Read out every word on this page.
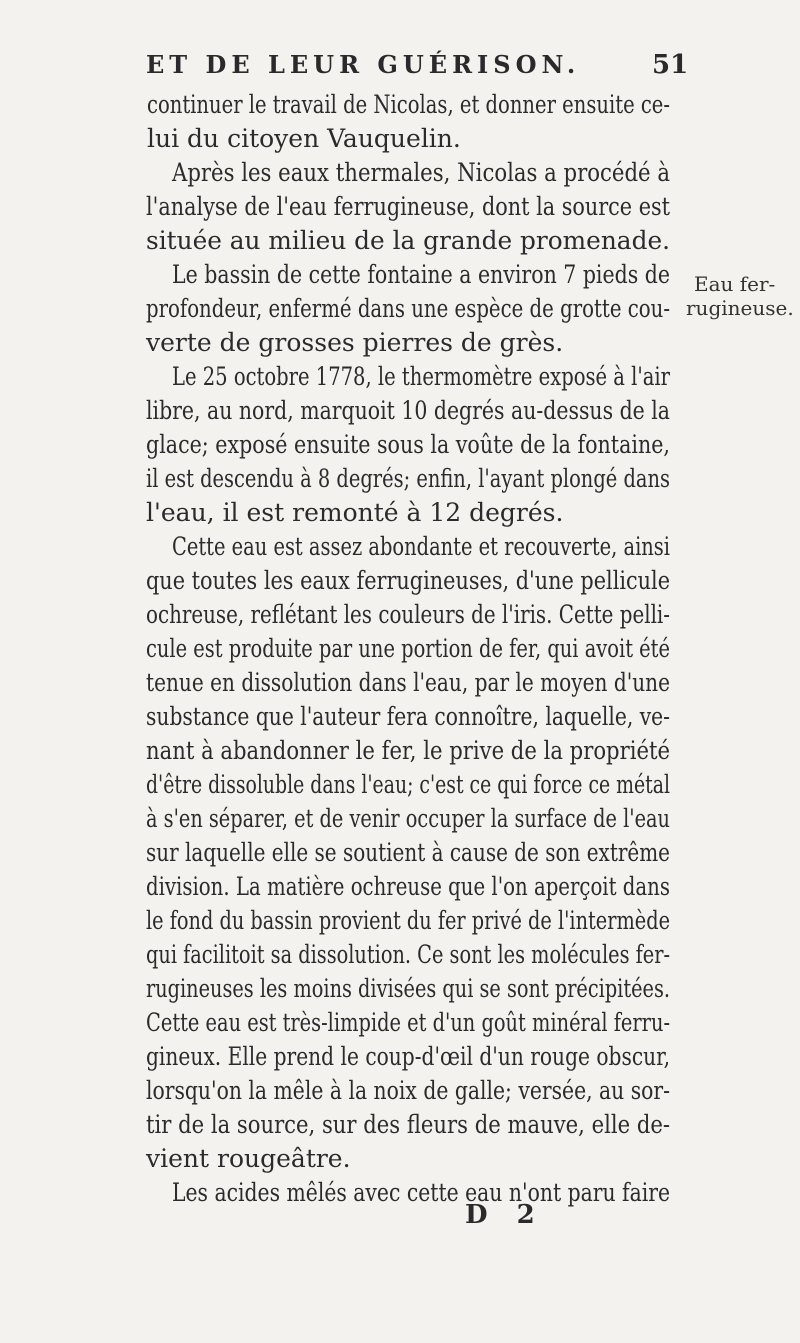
ET DE LEUR GUÉRISON.	51
continuer le travail de Nicolas, et donner ensuite ce-
lui du citoyen Vauquelin.
Après les eaux thermales, Nicolas a procédé à
l'analyse de l'eau ferrugineuse, dont la source est
située au milieu de la grande promenade.
Le bassin de cette fontaine a environ 7 pieds de
profondeur, enfermé dans une espèce de grotte cou-
verte de grosses pierres de grès.
Le 25 octobre 1778, le thermomètre exposé à l'air
libre, au nord, marquoit 10 degrés au-dessus de la
glace; exposé ensuite sous la voûte de la fontaine,
il est descendu à 8 degrés; enfin, l'ayant plongé dans
l'eau, il est remonté à 12 degrés.
Cette eau est assez abondante et recouverte, ainsi
que toutes les eaux ferrugineuses, d'une pellicule
ochreuse, reflétant les couleurs de l'iris. Cette pelli-
cule est produite par une portion de fer, qui avoit été
tenue en dissolution dans l'eau, par le moyen d'une
substance que l'auteur fera connoître, laquelle, ve-
nant à abandonner le fer, le prive de la propriété
d'être dissoluble dans l'eau; c'est ce qui force ce métal
à s'en séparer, et de venir occuper la surface de l'eau
sur laquelle elle se soutient à cause de son extrême
division. La matière ochreuse que l'on aperçoit dans
le fond du bassin provient du fer privé de l'intermède
qui facilitoit sa dissolution. Ce sont les molécules fer-
rugineuses les moins divisées qui se sont précipitées.
Cette eau est très-limpide et d'un goût minéral ferru-
gineux. Elle prend le coup-d'œil d'un rouge obscur,
lorsqu'on la mêle à la noix de galle; versée, au sor-
tir de la source, sur des fleurs de mauve, elle de-
vient rougeâtre.
Les acides mêlés avec cette eau n'ont paru faire
Eau fer-
rugineuse.
D 2
